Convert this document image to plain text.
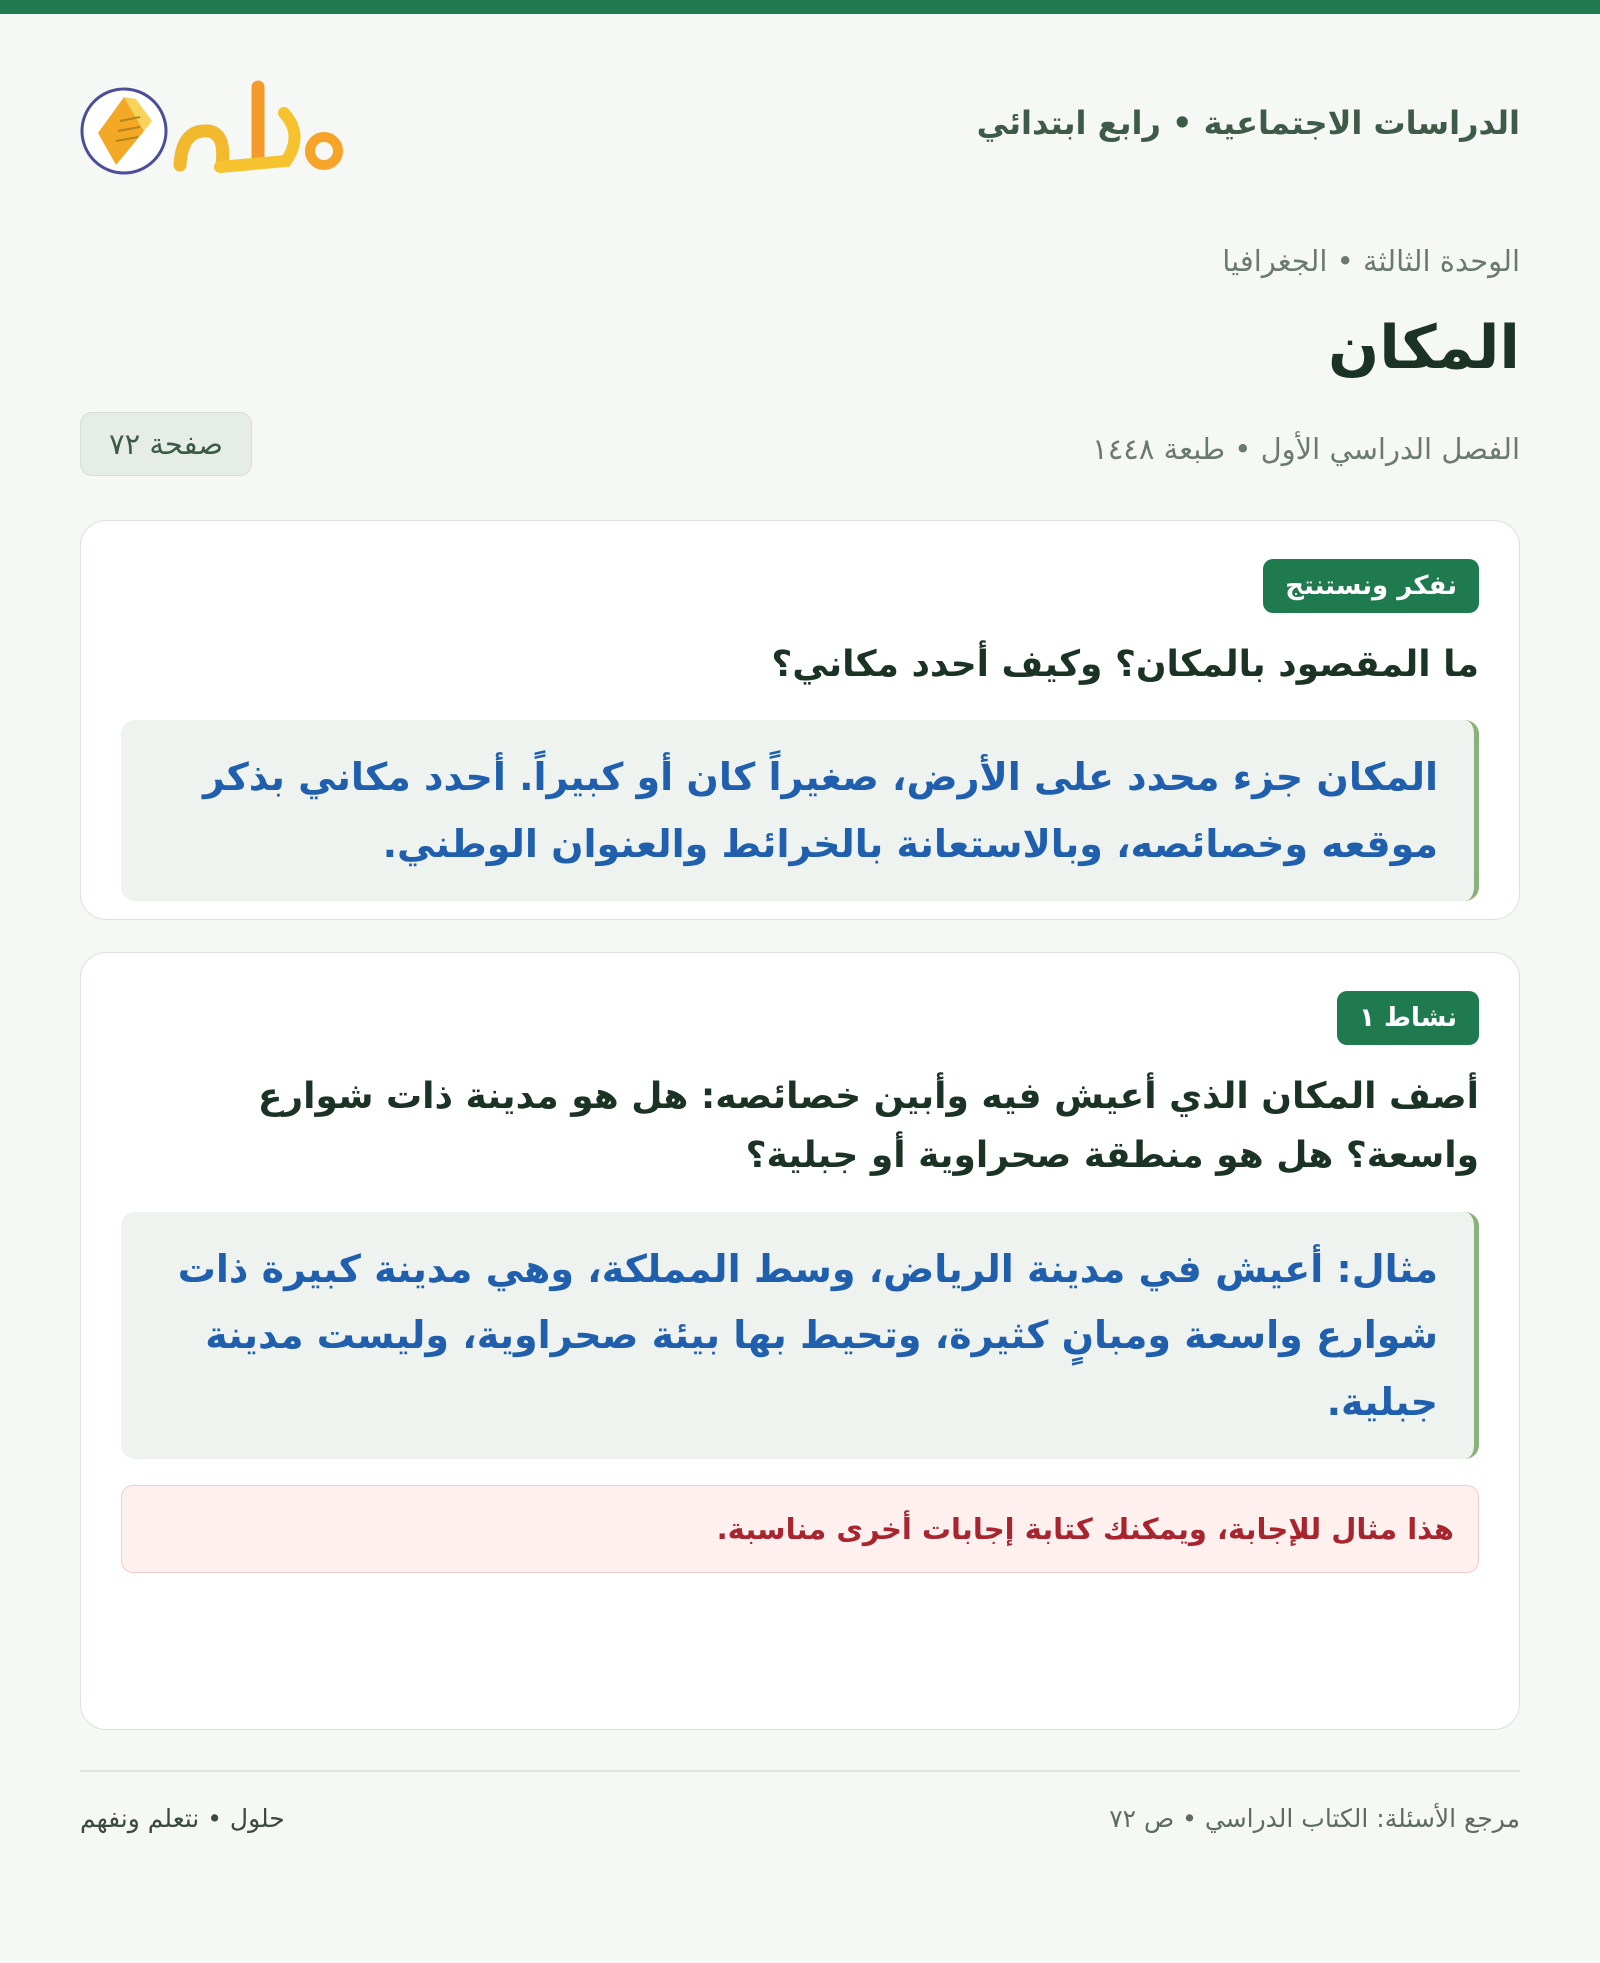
الدراسات الاجتماعية • رابع ابتدائي
الوحدة الثالثة • الجغرافيا
المكان
الفصل الدراسي الأول • طبعة ١٤٤٨
صفحة ٧٢
نفكر ونستنتج
ما المقصود بالمكان؟ وكيف أحدد مكاني؟
المكان جزء محدد على الأرض، صغيراً كان أو كبيراً. أحدد مكاني بذكر موقعه وخصائصه، وبالاستعانة بالخرائط والعنوان الوطني.
نشاط ١
أصف المكان الذي أعيش فيه وأبين خصائصه: هل هو مدينة ذات شوارع واسعة؟ هل هو منطقة صحراوية أو جبلية؟
مثال: أعيش في مدينة الرياض، وسط المملكة، وهي مدينة كبيرة ذات شوارع واسعة ومبانٍ كثيرة، وتحيط بها بيئة صحراوية، وليست مدينة جبلية.
هذا مثال للإجابة، ويمكنك كتابة إجابات أخرى مناسبة.
مرجع الأسئلة: الكتاب الدراسي • ص ٧٢
حلول • نتعلم ونفهم
